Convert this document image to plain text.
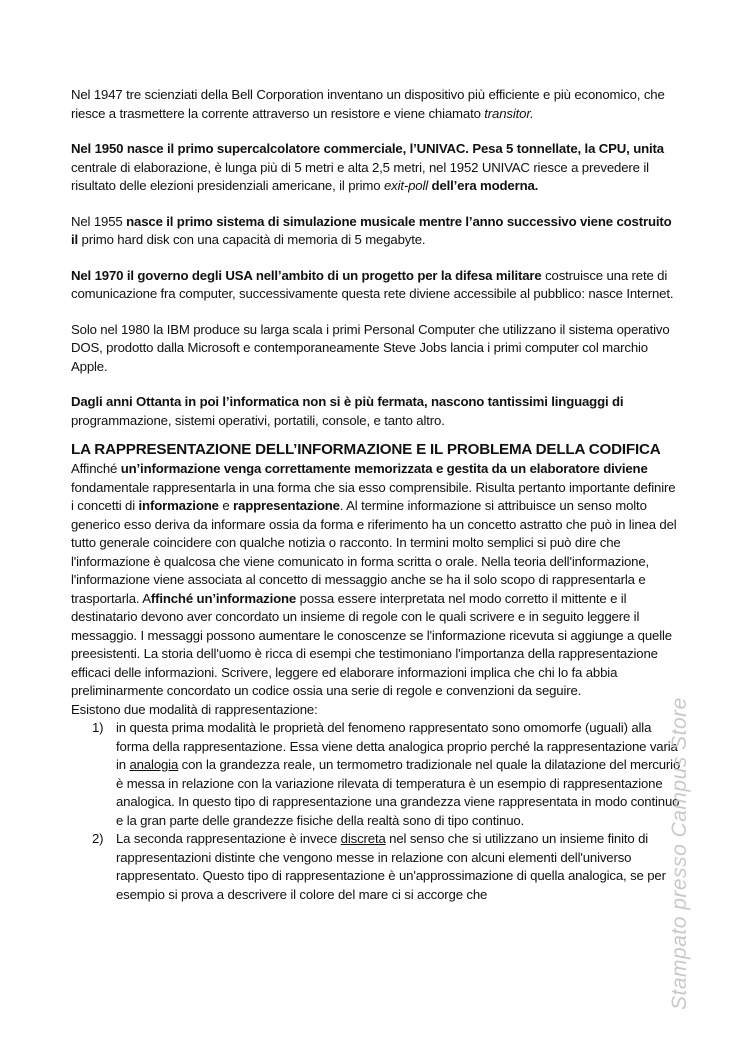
Nel 1947 tre scienziati della Bell Corporation inventano un dispositivo più efficiente e più economico, che riesce a trasmettere la corrente attraverso un resistore e viene chiamato transitor.

Nel 1950 nasce il primo supercalcolatore commerciale, l’UNIVAC. Pesa 5 tonnellate, la CPU, unita centrale di elaborazione, è lunga più di 5 metri e alta 2,5 metri, nel 1952 UNIVAC riesce a prevedere il risultato delle elezioni presidenziali americane, il primo exit-poll dell’era moderna.

Nel 1955 nasce il primo sistema di simulazione musicale mentre l’anno successivo viene costruito il primo hard disk con una capacità di memoria di 5 megabyte.

Nel 1970 il governo degli USA nell’ambito di un progetto per la difesa militare costruisce una rete di comunicazione fra computer, successivamente questa rete diviene accessibile al pubblico: nasce Internet.

Solo nel 1980 la IBM produce su larga scala i primi Personal Computer che utilizzano il sistema operativo DOS, prodotto dalla Microsoft e contemporaneamente Steve Jobs lancia i primi computer col marchio Apple.

Dagli anni Ottanta in poi l’informatica non si è più fermata, nascono tantissimi linguaggi di programmazione, sistemi operativi, portatili, console, e tanto altro.

LA RAPPRESENTAZIONE DELL’INFORMAZIONE E IL PROBLEMA DELLA CODIFICA

Affinché un’informazione venga correttamente memorizzata e gestita da un elaboratore diviene fondamentale rappresentarla in una forma che sia esso comprensibile. Risulta pertanto importante definire i concetti di informazione e rappresentazione. Al termine informazione si attribuisce un senso molto generico esso deriva da informare ossia da forma e riferimento ha un concetto astratto che può in linea del tutto generale coincidere con qualche notizia o racconto. In termini molto semplici si può dire che l'informazione è qualcosa che viene comunicato in forma scritta o orale. Nella teoria dell'informazione, l'informazione viene associata al concetto di messaggio anche se ha il solo scopo di rappresentarla e trasportarla. Affinché un’informazione possa essere interpretata nel modo corretto il mittente e il destinatario devono aver concordato un insieme di regole con le quali scrivere e in seguito leggere il messaggio. I messaggi possono aumentare le conoscenze se l'informazione ricevuta si aggiunge a quelle preesistenti. La storia dell'uomo è ricca di esempi che testimoniano l'importanza della rappresentazione efficaci delle informazioni. Scrivere, leggere ed elaborare informazioni implica che chi lo fa abbia preliminarmente concordato un codice ossia una serie di regole e convenzioni da seguire.

Esistono due modalità di rappresentazione:

1) in questa prima modalità le proprietà del fenomeno rappresentato sono omomorfe (uguali) alla forma della rappresentazione. Essa viene detta analogica proprio perché la rappresentazione varia in analogia con la grandezza reale, un termometro tradizionale nel quale la dilatazione del mercurio è messa in relazione con la variazione rilevata di temperatura è un esempio di rappresentazione analogica. In questo tipo di rappresentazione una grandezza viene rappresentata in modo continuo e la gran parte delle grandezze fisiche della realtà sono di tipo continuo.
2) La seconda rappresentazione è invece discreta nel senso che si utilizzano un insieme finito di rappresentazioni distinte che vengono messe in relazione con alcuni elementi dell'universo rappresentato. Questo tipo di rappresentazione è un'approssimazione di quella analogica, se per esempio si prova a descrivere il colore del mare ci si accorge che	Stampato presso Campus Store
